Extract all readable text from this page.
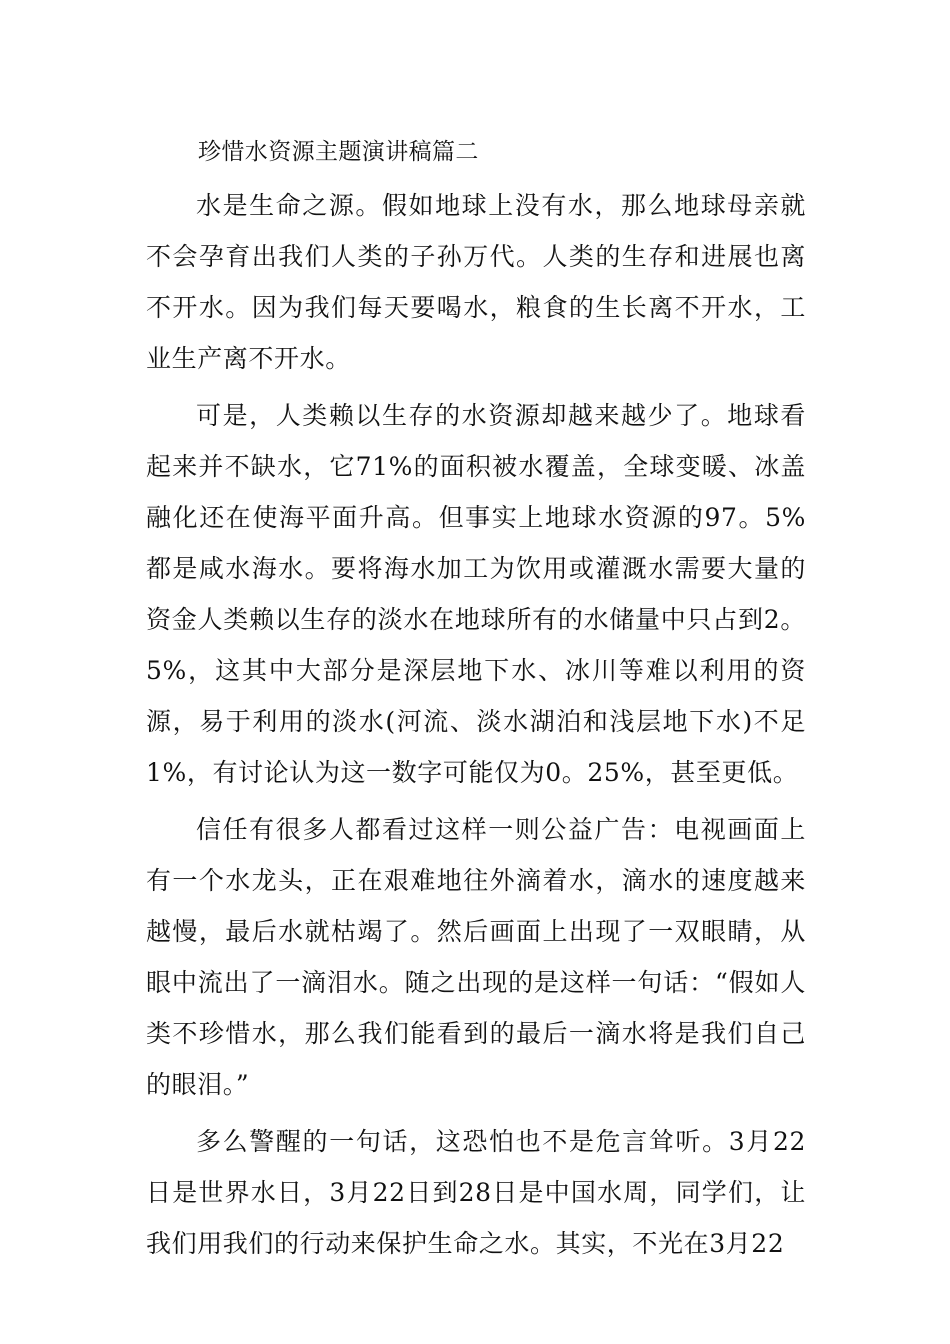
珍惜水资源主题演讲稿篇二

水是生命之源。假如地球上没有水，那么地球母亲就不会孕育出我们人类的子孙万代。人类的生存和进展也离不开水。因为我们每天要喝水，粮食的生长离不开水，工业生产离不开水。

可是，人类赖以生存的水资源却越来越少了。地球看起来并不缺水，它71%的面积被水覆盖，全球变暖、冰盖融化还在使海平面升高。但事实上地球水资源的97。5%都是咸水海水。要将海水加工为饮用或灌溉水需要大量的资金人类赖以生存的淡水在地球所有的水储量中只占到2。5%，这其中大部分是深层地下水、冰川等难以利用的资源，易于利用的淡水(河流、淡水湖泊和浅层地下水)不足1%，有讨论认为这一数字可能仅为0。25%，甚至更低。

信任有很多人都看过这样一则公益广告：电视画面上有一个水龙头，正在艰难地往外滴着水，滴水的速度越来越慢，最后水就枯竭了。然后画面上出现了一双眼睛，从眼中流出了一滴泪水。随之出现的是这样一句话：“假如人类不珍惜水，那么我们能看到的最后一滴水将是我们自己的眼泪。”

多么警醒的一句话，这恐怕也不是危言耸听。3月22日是世界水日，3月22日到28日是中国水周，同学们，让我们用我们的行动来保护生命之水。其实，不光在3月22
